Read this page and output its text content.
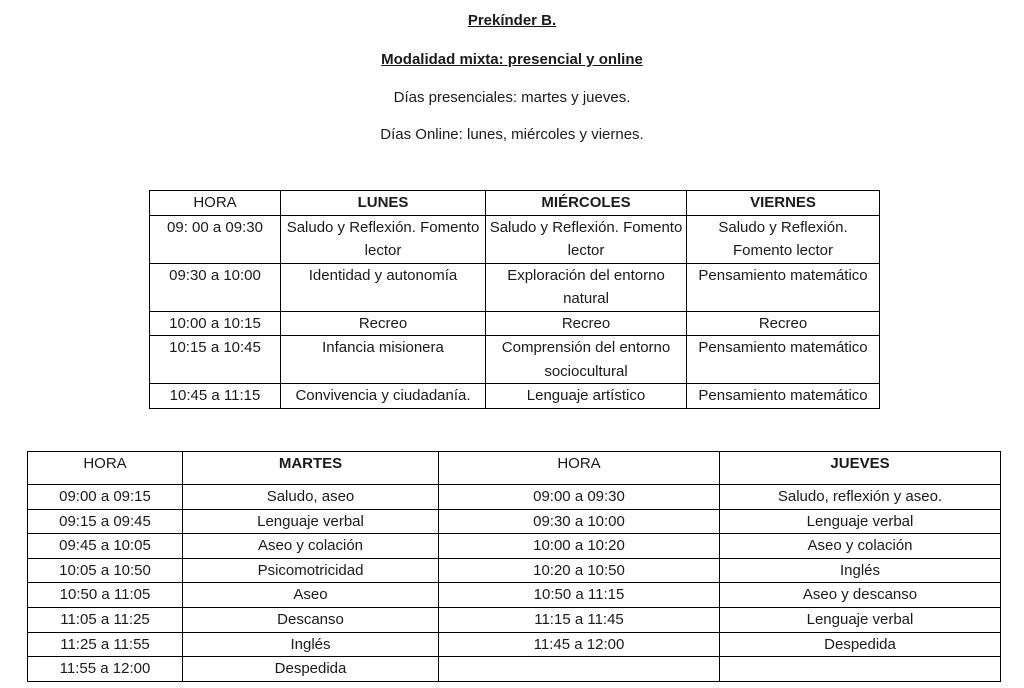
Prekínder B.
Modalidad mixta: presencial y online
Días presenciales: martes y jueves.
Días Online: lunes, miércoles y viernes.
HORA	LUNES	MIÉRCOLES	VIERNES
09: 00 a 09:30	Saludo y Reflexión. Fomento lector	Saludo y Reflexión. Fomento lector	Saludo y Reflexión. Fomento lector
09:30 a 10:00	Identidad y autonomía	Exploración del entorno natural	Pensamiento matemático
10:00 a 10:15	Recreo	Recreo	Recreo
10:15 a 10:45	Infancia misionera	Comprensión del entorno sociocultural	Pensamiento matemático
10:45 a 11:15	Convivencia y ciudadanía.	Lenguaje artístico	Pensamiento matemático
HORA	MARTES	HORA	JUEVES
09:00 a 09:15	Saludo, aseo	09:00 a 09:30	Saludo, reflexión y aseo.
09:15 a 09:45	Lenguaje verbal	09:30 a 10:00	Lenguaje verbal
09:45 a 10:05	Aseo y colación	10:00 a 10:20	Aseo y colación
10:05 a 10:50	Psicomotricidad	10:20 a 10:50	Inglés
10:50 a 11:05	Aseo	10:50 a 11:15	Aseo y descanso
11:05 a 11:25	Descanso	11:15 a 11:45	Lenguaje verbal
11:25 a 11:55	Inglés	11:45 a 12:00	Despedida
11:55 a 12:00	Despedida		
